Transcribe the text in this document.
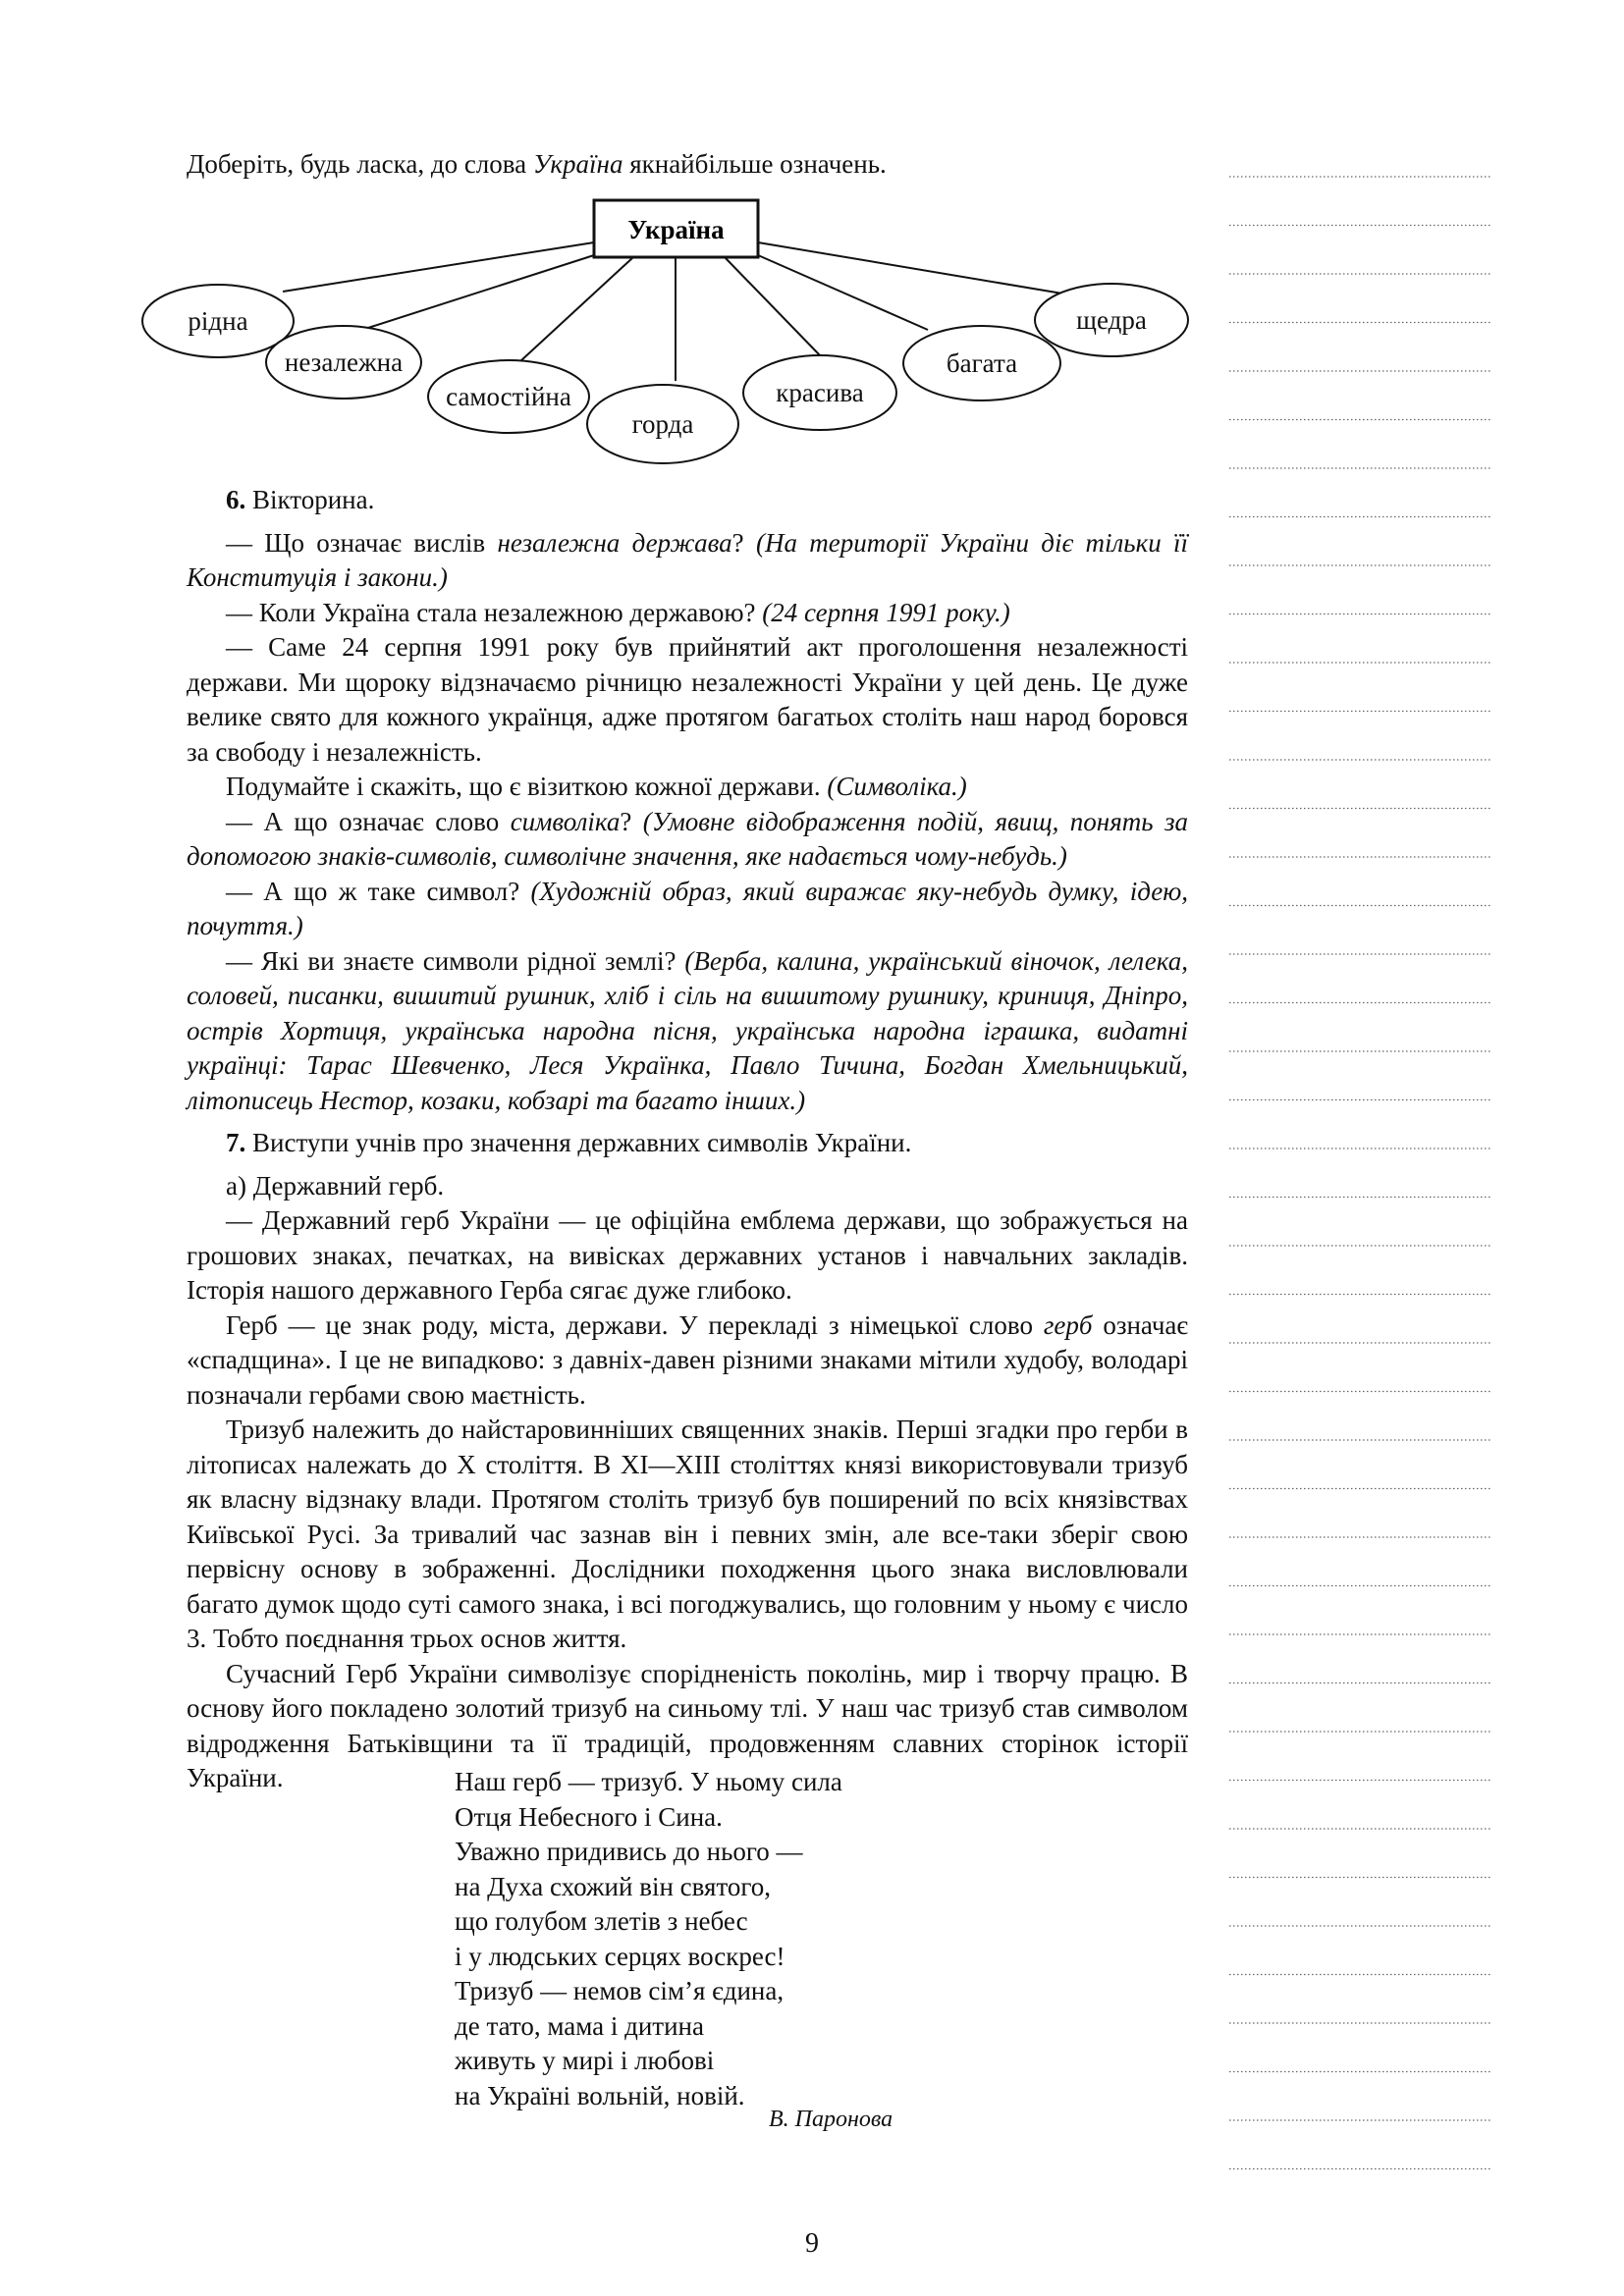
Доберіть, будь ласка, до слова Україна якнайбільше означень.
Україна
рідна
незалежна
самостійна
горда
красива
багата
щедра

6. Вікторина.

— Що означає вислів незалежна держава? (На території України діє тільки її Конституція і закони.)

— Коли Україна стала незалежною державою? (24 серпня 1991 року.)

— Саме 24 серпня 1991 року був прийнятий акт проголошення незалежності держави. Ми щороку відзначаємо річницю незалежності України у цей день. Це дуже велике свято для кожного українця, адже протягом багатьох століть наш народ боровся за свободу і незалежність.

Подумайте і скажіть, що є візиткою кожної держави. (Символіка.)

— А що означає слово символіка? (Умовне відображення подій, явищ, понять за допомогою знаків-символів, символічне значення, яке надається чому-небудь.)

— А що ж таке символ? (Художній образ, який виражає яку-небудь думку, ідею, почуття.)

— Які ви знаєте символи рідної землі? (Верба, калина, український віночок, лелека, соловей, писанки, вишитий рушник, хліб і сіль на вишитому рушнику, криниця, Дніпро, острів Хортиця, українська народна пісня, українська народна іграшка, видатні українці: Тарас Шевченко, Леся Українка, Павло Тичина, Богдан Хмельницький, літописець Нестор, козаки, кобзарі та багато інших.)

7. Виступи учнів про значення державних символів України.

а) Державний герб.

— Державний герб України — це офіційна емблема держави, що зображується на грошових знаках, печатках, на вивісках державних установ і навчальних закладів. Історія нашого державного Герба сягає дуже глибоко.

Герб — це знак роду, міста, держави. У перекладі з німецької слово герб означає «спадщина». І це не випадково: з давніх-давен різними знаками мітили худобу, володарі позначали гербами свою маєтність.

Тризуб належить до найстаровинніших священних знаків. Перші згадки про герби в літописах належать до X століття. В XI—XIII століттях князі використовували тризуб як власну відзнаку влади. Протягом століть тризуб був поширений по всіх князівствах Київської Русі. За тривалий час зазнав він і певних змін, але все-таки зберіг свою первісну основу в зображенні. Дослідники походження цього знака висловлювали багато думок щодо суті самого знака, і всі погоджувались, що головним у ньому є число 3. Тобто поєднання трьох основ життя.

Сучасний Герб України символізує спорідненість поколінь, мир і творчу працю. В основу його покладено золотий тризуб на синьому тлі. У наш час тризуб став символом відродження Батьківщини та її традицій, продовженням славних сторінок історії України.	Наш герб — тризуб. У ньому сила
Отця Небесного і Сина.
Уважно придивись до нього —
на Духа схожий він святого,
що голубом злетів з небес
і у людських серцях воскрес!
Тризуб — немов сім’я єдина,
де тато, мама і дитина
живуть у мирі і любові
на Україні вольній, новій.
В. Паронова
9
